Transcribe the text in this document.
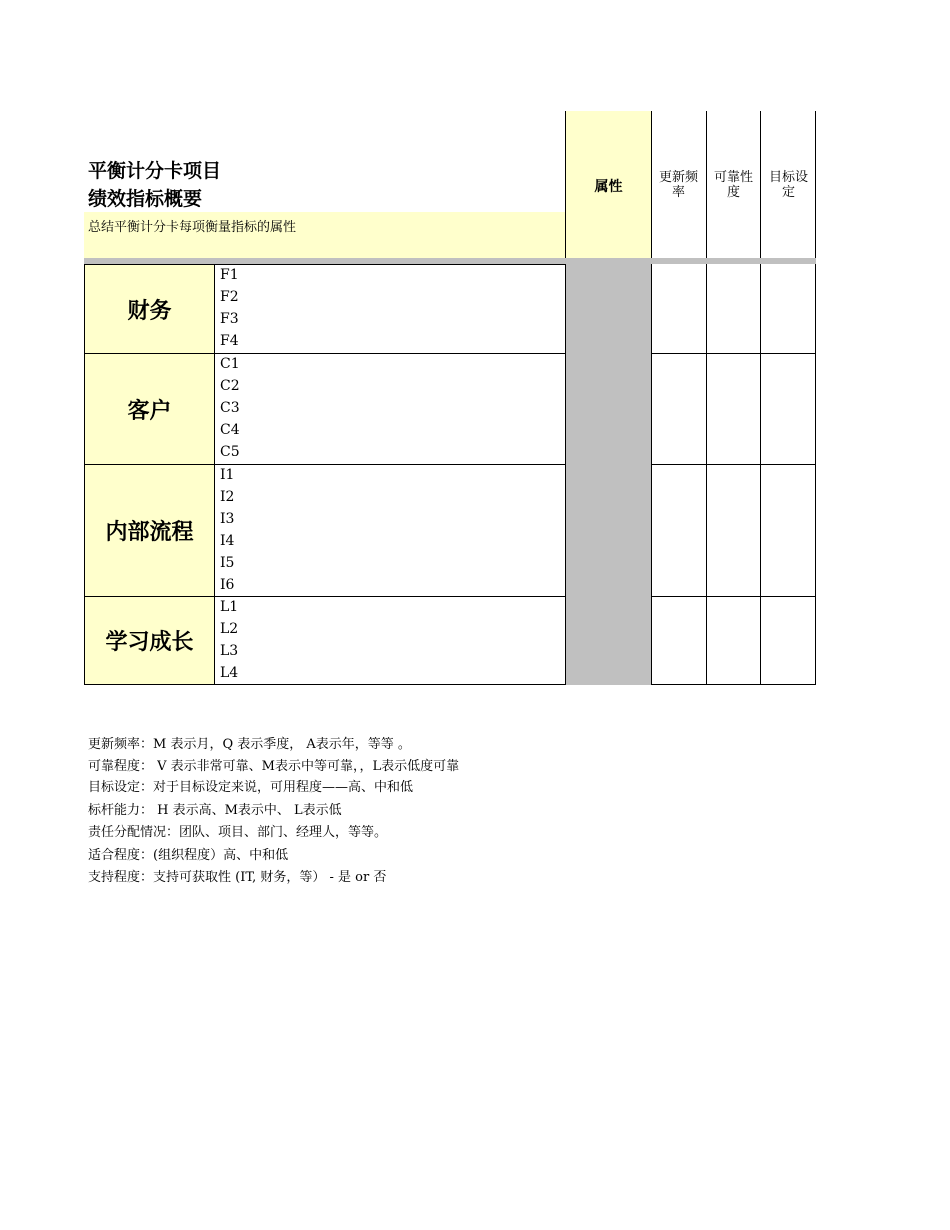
平衡计分卡项目
绩效指标概要
总结平衡计分卡每项衡量指标的属性
属性
更新频
率
可靠性
度
目标设
定
财务
客户
内部流程
学习成长
F1
F2
F3
F4
C1
C2
C3
C4
C5
I1
I2
I3
I4
I5
I6
L1
L2
L3
L4
更新频率：M 表示月，Q 表示季度， A表示年，等等 。
可靠程度： V 表示非常可靠、M表示中等可靠，，L表示低度可靠
目标设定：对于目标设定来说，可用程度——高、中和低
标杆能力： H 表示高、M表示中、 L表示低
责任分配情况：团队、项目、部门、经理人，等等。
适合程度：(组织程度）高、中和低
支持程度：支持可获取性 (IT, 财务，等） - 是 or 否
